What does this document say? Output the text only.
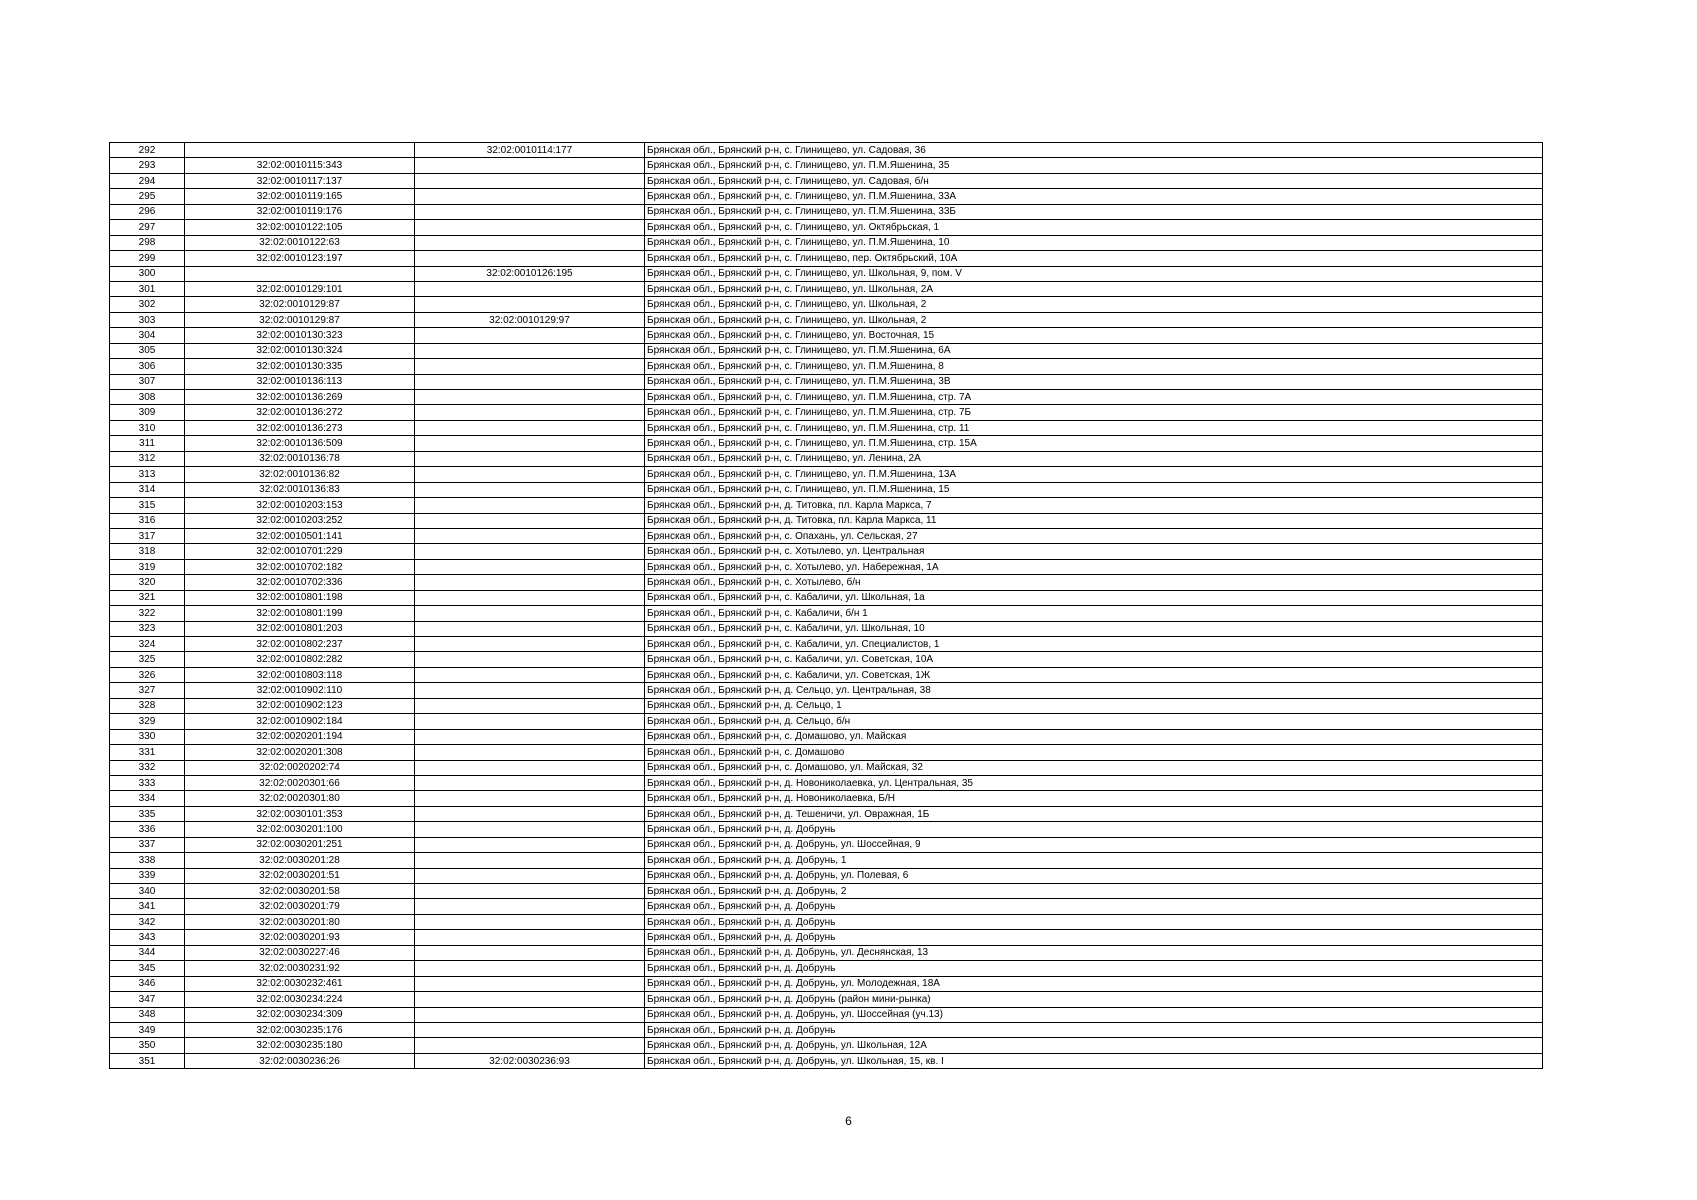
292		32:02:0010114:177	Брянская обл., Брянский р-н, с. Глинищево, ул. Садовая, 36
293	32:02:0010115:343		Брянская обл., Брянский р-н, с. Глинищево, ул. П.М.Яшенина, 35
294	32:02:0010117:137		Брянская обл., Брянский р-н, с. Глинищево, ул. Садовая, б/н
295	32:02:0010119:165		Брянская обл., Брянский р-н, с. Глинищево, ул. П.М.Яшенина, 33А
296	32:02:0010119:176		Брянская обл., Брянский р-н, с. Глинищево, ул. П.М.Яшенина, 33Б
297	32:02:0010122:105		Брянская обл., Брянский р-н, с. Глинищево, ул. Октябрьская, 1
298	32:02:0010122:63		Брянская обл., Брянский р-н, с. Глинищево, ул. П.М.Яшенина, 10
299	32:02:0010123:197		Брянская обл., Брянский р-н, с. Глинищево, пер. Октябрьский, 10А
300		32:02:0010126:195	Брянская обл., Брянский р-н, с. Глинищево, ул. Школьная, 9, пом. V
301	32:02:0010129:101		Брянская обл., Брянский р-н, с. Глинищево, ул. Школьная, 2А
302	32:02:0010129:87		Брянская обл., Брянский р-н, с. Глинищево, ул. Школьная, 2
303	32:02:0010129:87	32:02:0010129:97	Брянская обл., Брянский р-н, с. Глинищево, ул. Школьная, 2
304	32:02:0010130:323		Брянская обл., Брянский р-н, с. Глинищево, ул. Восточная, 15
305	32:02:0010130:324		Брянская обл., Брянский р-н, с. Глинищево, ул. П.М.Яшенина, 6А
306	32:02:0010130:335		Брянская обл., Брянский р-н, с. Глинищево, ул. П.М.Яшенина, 8
307	32:02:0010136:113		Брянская обл., Брянский р-н, с. Глинищево, ул. П.М.Яшенина, 3В
308	32:02:0010136:269		Брянская обл., Брянский р-н, с. Глинищево, ул. П.М.Яшенина, стр. 7А
309	32:02:0010136:272		Брянская обл., Брянский р-н, с. Глинищево, ул. П.М.Яшенина, стр. 7Б
310	32:02:0010136:273		Брянская обл., Брянский р-н, с. Глинищево, ул. П.М.Яшенина, стр. 11
311	32:02:0010136:509		Брянская обл., Брянский р-н, с. Глинищево, ул. П.М.Яшенина, стр. 15А
312	32:02:0010136:78		Брянская обл., Брянский р-н, с. Глинищево, ул. Ленина, 2А
313	32:02:0010136:82		Брянская обл., Брянский р-н, с. Глинищево, ул. П.М.Яшенина, 13А
314	32:02:0010136:83		Брянская обл., Брянский р-н, с. Глинищево, ул. П.М.Яшенина, 15
315	32:02:0010203:153		Брянская обл., Брянский р-н, д. Титовка, пл. Карла Маркса, 7
316	32:02:0010203:252		Брянская обл., Брянский р-н, д. Титовка, пл. Карла Маркса, 11
317	32:02:0010501:141		Брянская обл., Брянский р-н, с. Опахань, ул. Сельская, 27
318	32:02:0010701:229		Брянская обл., Брянский р-н, с. Хотылево, ул. Центральная
319	32:02:0010702:182		Брянская обл., Брянский р-н, с. Хотылево, ул. Набережная, 1А
320	32:02:0010702:336		Брянская обл., Брянский р-н, с. Хотылево, б/н
321	32:02:0010801:198		Брянская обл., Брянский р-н, с. Кабаличи, ул. Школьная, 1а
322	32:02:0010801:199		Брянская обл., Брянский р-н, с. Кабаличи, б/н 1
323	32:02:0010801:203		Брянская обл., Брянский р-н, с. Кабаличи, ул. Школьная, 10
324	32:02:0010802:237		Брянская обл., Брянский р-н, с. Кабаличи, ул. Специалистов, 1
325	32:02:0010802:282		Брянская обл., Брянский р-н, с. Кабаличи, ул. Советская, 10А
326	32:02:0010803:118		Брянская обл., Брянский р-н, с. Кабаличи, ул. Советская, 1Ж
327	32:02:0010902:110		Брянская обл., Брянский р-н, д. Сельцо, ул. Центральная, 38
328	32:02:0010902:123		Брянская обл., Брянский р-н, д. Сельцо, 1
329	32:02:0010902:184		Брянская обл., Брянский р-н, д. Сельцо, б/н
330	32:02:0020201:194		Брянская обл., Брянский р-н, с. Домашово, ул. Майская
331	32:02:0020201:308		Брянская обл., Брянский р-н, с. Домашово
332	32:02:0020202:74		Брянская обл., Брянский р-н, с. Домашово, ул. Майская, 32
333	32:02:0020301:66		Брянская обл., Брянский р-н, д. Новониколаевка, ул. Центральная, 35
334	32:02:0020301:80		Брянская обл., Брянский р-н, д. Новониколаевка, Б/Н
335	32:02:0030101:353		Брянская обл., Брянский р-н, д. Тешеничи, ул. Овражная, 1Б
336	32:02:0030201:100		Брянская обл., Брянский р-н, д. Добрунь
337	32:02:0030201:251		Брянская обл., Брянский р-н, д. Добрунь, ул. Шоссейная, 9
338	32:02:0030201:28		Брянская обл., Брянский р-н, д. Добрунь, 1
339	32:02:0030201:51		Брянская обл., Брянский р-н, д. Добрунь, ул. Полевая, 6
340	32:02:0030201:58		Брянская обл., Брянский р-н, д. Добрунь, 2
341	32:02:0030201:79		Брянская обл., Брянский р-н, д. Добрунь
342	32:02:0030201:80		Брянская обл., Брянский р-н, д. Добрунь
343	32:02:0030201:93		Брянская обл., Брянский р-н, д. Добрунь
344	32:02:0030227:46		Брянская обл., Брянский р-н, д. Добрунь, ул. Деснянская, 13
345	32:02:0030231:92		Брянская обл., Брянский р-н, д. Добрунь
346	32:02:0030232:461		Брянская обл., Брянский р-н, д. Добрунь, ул. Молодежная, 18А
347	32:02:0030234:224		Брянская обл., Брянский р-н, д. Добрунь (район мини-рынка)
348	32:02:0030234:309		Брянская обл., Брянский р-н, д. Добрунь, ул. Шоссейная (уч.13)
349	32:02:0030235:176		Брянская обл., Брянский р-н, д. Добрунь
350	32:02:0030235:180		Брянская обл., Брянский р-н, д. Добрунь, ул. Школьная, 12А
351	32:02:0030236:26	32:02:0030236:93	Брянская обл., Брянский р-н, д. Добрунь, ул. Школьная, 15, кв. I
6
